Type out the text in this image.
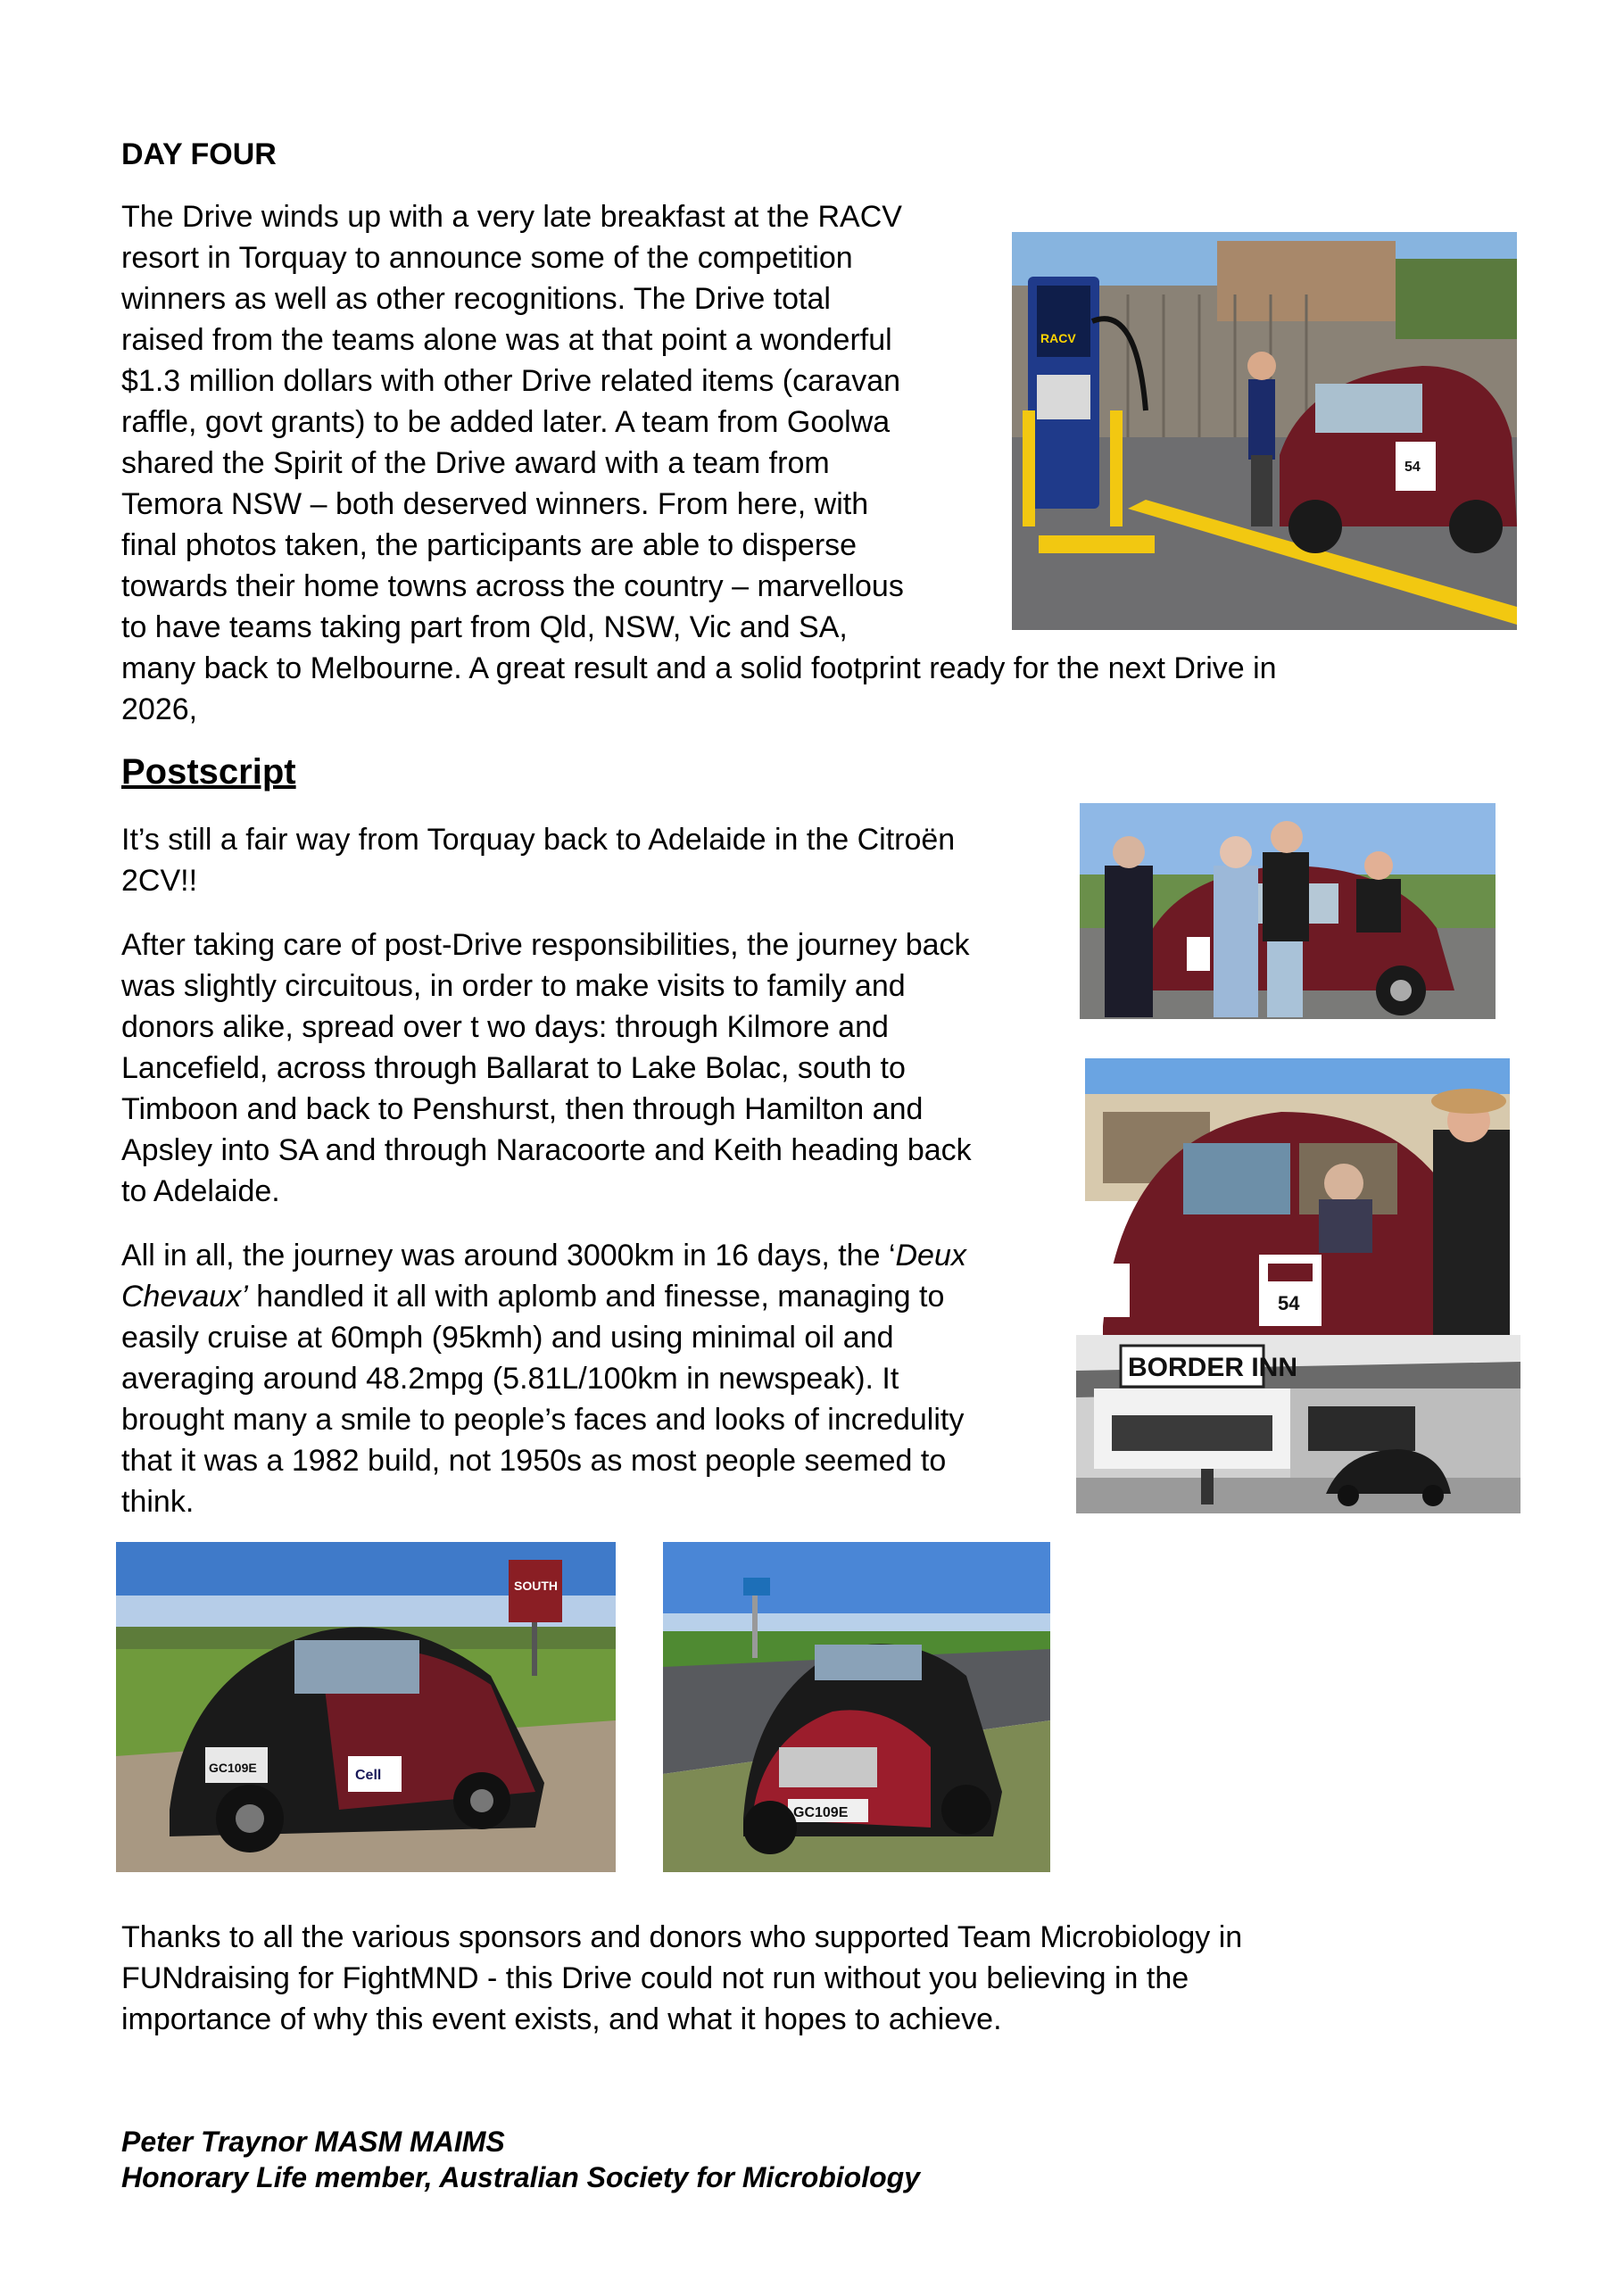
DAY FOUR

The Drive winds up with a very late breakfast at the RACV

resort in Torquay to announce some of the competition

winners as well as other recognitions. The Drive total

raised from the teams alone was at that point a wonderful

$1.3 million dollars with other Drive related items (caravan

raffle, govt grants) to be added later. A team from Goolwa

shared the Spirit of the Drive award with a team from

Temora NSW – both deserved winners. From here, with

final photos taken, the participants are able to disperse

towards their home towns across the country – marvellous

to have teams taking part from Qld, NSW, Vic and SA,

many back to Melbourne. A great result and a solid footprint ready for the next Drive in

2026,

RACV
54

Postscript

It’s still a fair way from Torquay back to Adelaide in the Citroën

2CV!!

After taking care of post-Drive responsibilities, the journey back

was slightly circuitous, in order to make visits to family and

donors alike, spread over t wo days: through Kilmore and

Lancefield, across through Ballarat to Lake Bolac, south to

Timboon and back to Penshurst, then through Hamilton and

Apsley into SA and through Naracoorte and Keith heading back

to Adelaide.

All in all, the journey was around 3000km in 16 days, the ‘Deux

Chevaux’ handled it all with aplomb and finesse, managing to

easily cruise at 60mph (95kmh) and using minimal oil and

averaging around 48.2mpg (5.81L/100km in newspeak). It

brought many a smile to people’s faces and looks of incredulity

that it was a 1982 build, not 1950s as most people seemed to

think.

54
BORDER INN
SOUTH
Cell
GC109E
GC109E

Thanks to all the various sponsors and donors who supported Team Microbiology in

FUNdraising for FightMND - this Drive could not run without you believing in the

importance of why this event exists, and what it hopes to achieve.

Peter Traynor MASM MAIMS

Honorary Life member, Australian Society for Microbiology
